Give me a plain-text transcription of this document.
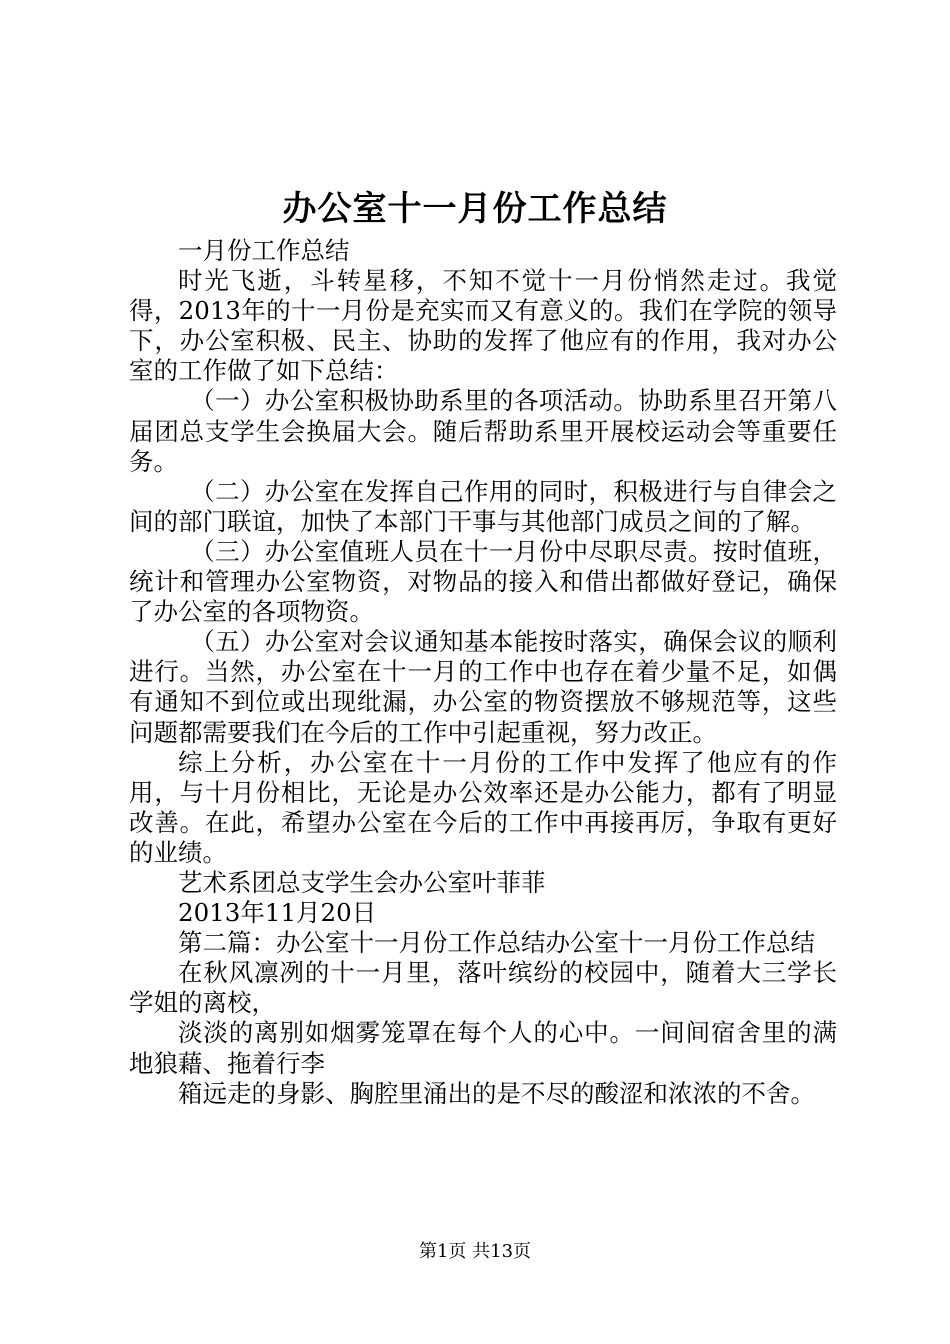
办公室十一月份工作总结

一月份工作总结

时光飞逝，斗转星移，不知不觉十一月份悄然走过。我觉得，2013年的十一月份是充实而又有意义的。我们在学院的领导下，办公室积极、民主、协助的发挥了他应有的作用，我对办公室的工作做了如下总结：

（一）办公室积极协助系里的各项活动。协助系里召开第八届团总支学生会换届大会。随后帮助系里开展校运动会等重要任务。

（二）办公室在发挥自己作用的同时，积极进行与自律会之间的部门联谊，加快了本部门干事与其他部门成员之间的了解。

（三）办公室值班人员在十一月份中尽职尽责。按时值班，统计和管理办公室物资，对物品的接入和借出都做好登记，确保了办公室的各项物资。

（五）办公室对会议通知基本能按时落实，确保会议的顺利进行。当然，办公室在十一月的工作中也存在着少量不足，如偶有通知不到位或出现纰漏，办公室的物资摆放不够规范等，这些问题都需要我们在今后的工作中引起重视，努力改正。

综上分析，办公室在十一月份的工作中发挥了他应有的作用，与十月份相比，无论是办公效率还是办公能力，都有了明显改善。在此，希望办公室在今后的工作中再接再厉，争取有更好的业绩。

艺术系团总支学生会办公室叶菲菲

2013年11月20日

第二篇：办公室十一月份工作总结办公室十一月份工作总结

在秋风凛冽的十一月里，落叶缤纷的校园中，随着大三学长学姐的离校，

淡淡的离别如烟雾笼罩在每个人的心中。一间间宿舍里的满地狼藉、拖着行李

箱远走的身影、胸腔里涌出的是不尽的酸涩和浓浓的不舍。

第1页 共13页
